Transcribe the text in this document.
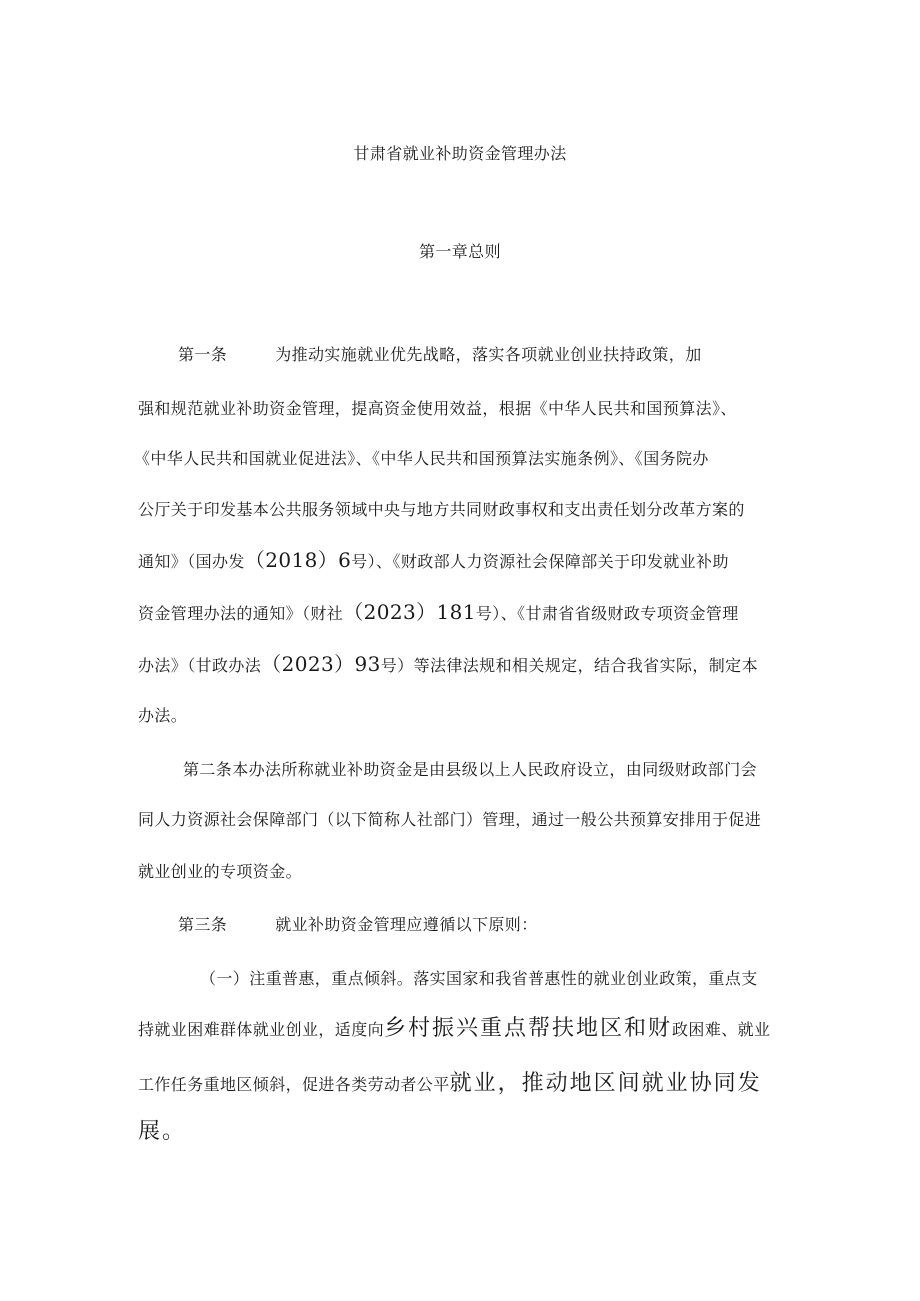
甘肃省就业补助资金管理办法
第一章总则
第一条	为推动实施就业优先战略，落实各项就业创业扶持政策，加
强和规范就业补助资金管理，提高资金使用效益，根据《中华人民共和国预算法》、
《中华人民共和国就业促进法》、《中华人民共和国预算法实施条例》、《国务院办
公厅关于印发基本公共服务领域中央与地方共同财政事权和支出责任划分改革方案的
通知》（国办发（2018）6号）、《财政部人力资源社会保障部关于印发就业补助
资金管理办法的通知》（财社（2023）181号）、《甘肃省省级财政专项资金管理
办法》（甘政办法（2023）93号）等法律法规和相关规定，结合我省实际，制定本
办法。
第二条本办法所称就业补助资金是由县级以上人民政府设立，由同级财政部门会
同人力资源社会保障部门（以下简称人社部门）管理，通过一般公共预算安排用于促进
就业创业的专项资金。
第三条	就业补助资金管理应遵循以下原则：
（一）注重普惠，重点倾斜。落实国家和我省普惠性的就业创业政策，重点支
持就业困难群体就业创业，适度向乡村振兴重点帮扶地区和财政困难、就业
工作任务重地区倾斜，促进各类劳动者公平就业，推动地区间就业协同发
展。
